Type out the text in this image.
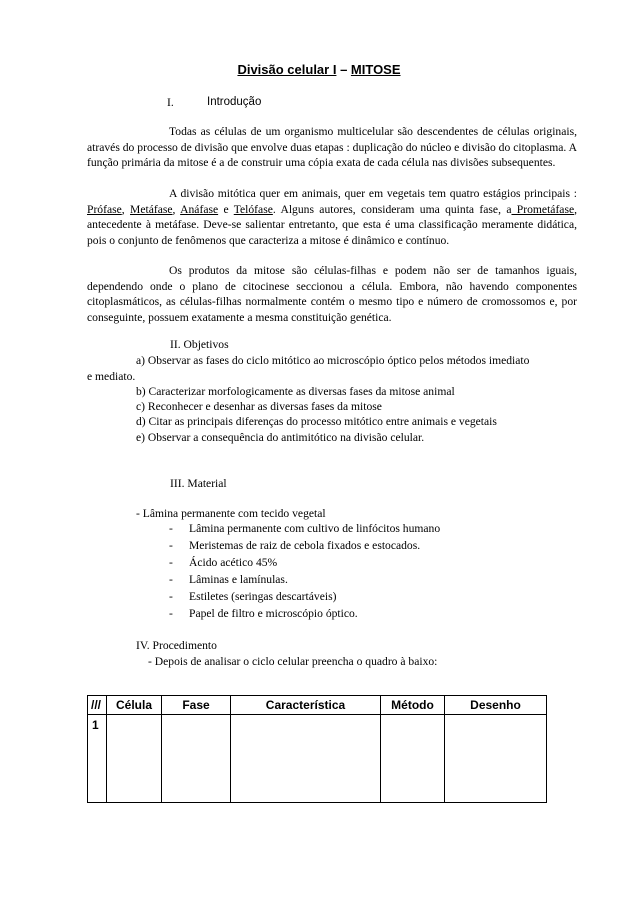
Divisão celular I – MITOSE
I.	Introdução

Todas as células de um organismo multicelular são descendentes de células originais, através do processo de divisão que envolve duas etapas : duplicação do núcleo e divisão do citoplasma. A função primária da mitose é a de construir uma cópia exata de cada célula nas divisões subsequentes.

A divisão mitótica quer em animais, quer em vegetais tem quatro estágios principais : Prófase, Metáfase, Anáfase e Telófase. Alguns autores, consideram uma quinta fase, a Prometáfase, antecedente à metáfase. Deve-se salientar entretanto, que esta é uma classificação meramente didática, pois o conjunto de fenômenos que caracteriza a mitose é dinâmico e contínuo.

Os produtos da mitose são células-filhas e podem não ser de tamanhos iguais, dependendo onde o plano de citocinese seccionou a célula. Embora, não havendo componentes citoplasmáticos, as células-filhas normalmente contém o mesmo tipo e número de cromossomos e, por conseguinte, possuem exatamente a mesma constituição genética.

II. Objetivos
a) Observar as fases do ciclo mitótico ao microscópio óptico pelos métodos imediato
e mediato.
b) Caracterizar morfologicamente as diversas fases da mitose animal
c) Reconhecer e desenhar as diversas fases da mitose
d) Citar as principais diferenças do processo mitótico entre animais e vegetais
e) Observar a consequência do antimitótico na divisão celular.
III. Material
- Lâmina permanente com tecido vegetal
- Lâmina permanente com cultivo de linfócitos humano
- Meristemas de raiz de cebola fixados e estocados.
- Ácido acético 45%
- Lâminas e lamínulas.
- Estiletes (seringas descartáveis)
- Papel de filtro e microscópio óptico.
IV. Procedimento
- Depois de analisar o ciclo celular preencha o quadro à baixo:
///	Célula	Fase	Característica	Método	Desenho
1					
